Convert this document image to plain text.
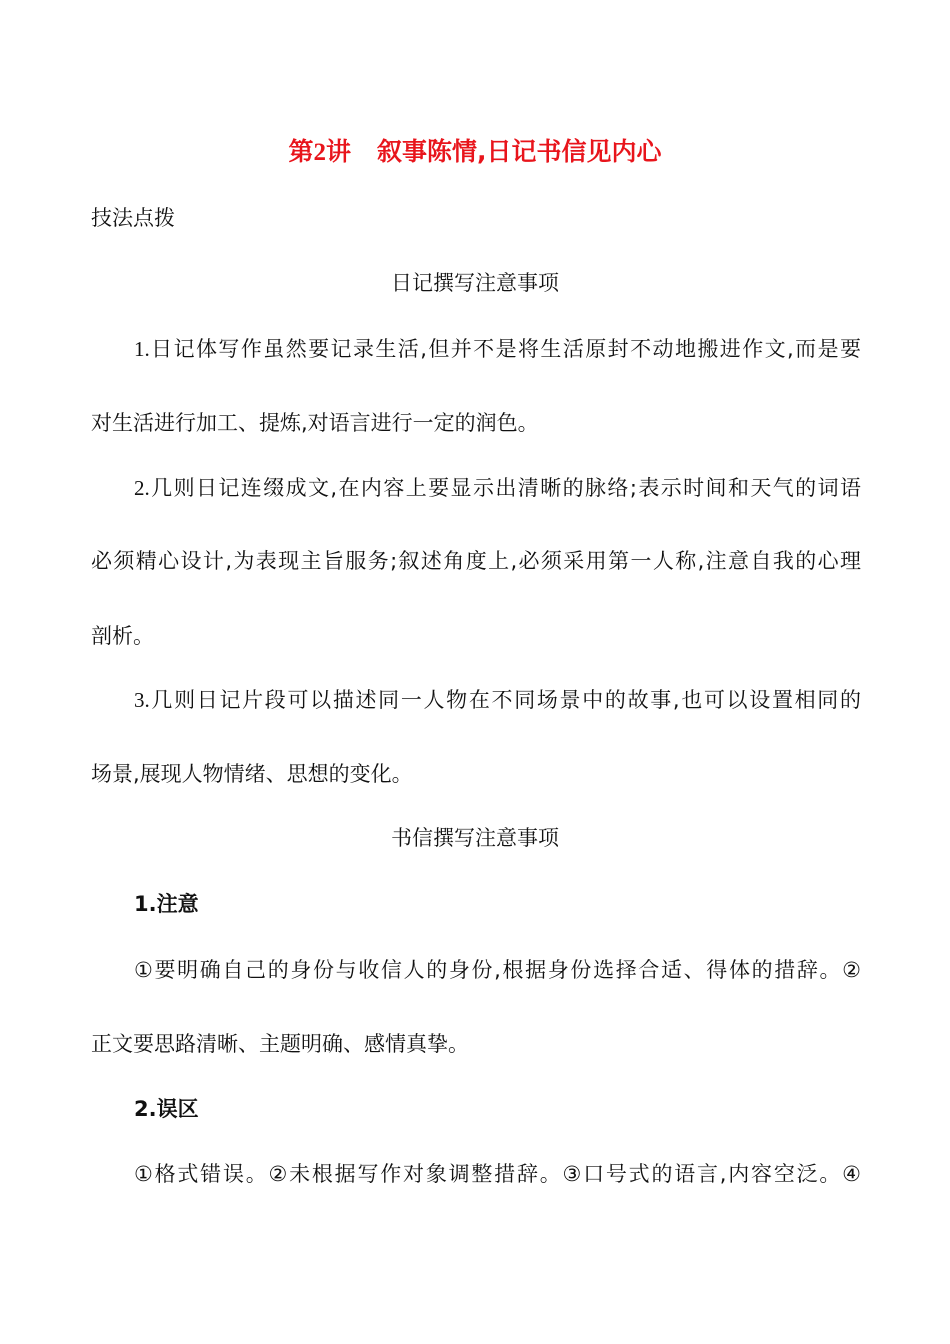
第2讲 叙事陈情,日记书信见内心
技法点拨
日记撰写注意事项
1.日记体写作虽然要记录生活,但并不是将生活原封不动地搬进作文,而是要
对生活进行加工、提炼,对语言进行一定的润色。
2.几则日记连缀成文,在内容上要显示出清晰的脉络;表示时间和天气的词语
必须精心设计,为表现主旨服务;叙述角度上,必须采用第一人称,注意自我的心理
剖析。
3.几则日记片段可以描述同一人物在不同场景中的故事,也可以设置相同的
场景,展现人物情绪、思想的变化。
书信撰写注意事项
1.注意
①要明确自己的身份与收信人的身份,根据身份选择合适、得体的措辞。②
正文要思路清晰、主题明确、感情真挚。
2.误区
①格式错误。②未根据写作对象调整措辞。③口号式的语言,内容空泛。④
